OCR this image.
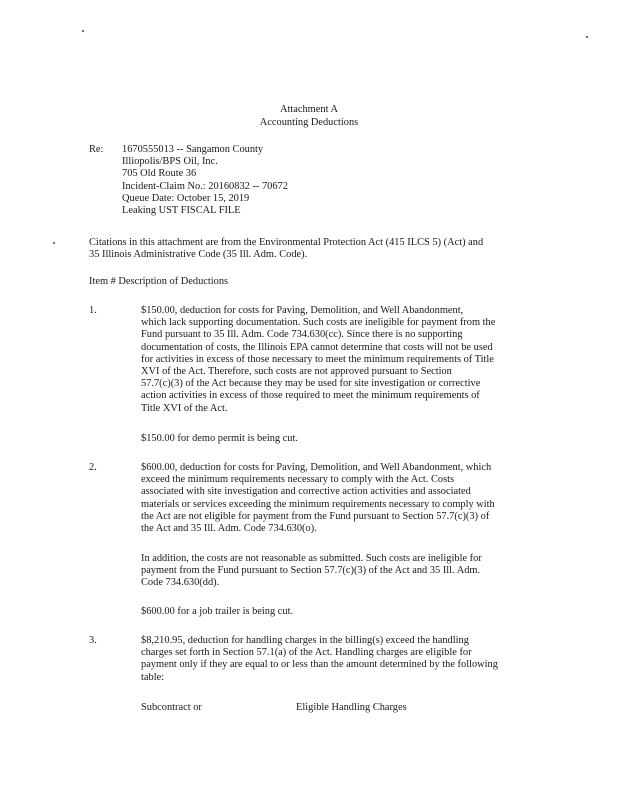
Attachment A
Accounting Deductions
Re: 1670555013 -- Sangamon County

Illiopolis/BPS Oil, Inc.

705 Old Route 36

Incident-Claim No.: 20160832 -- 70672

Queue Date: October 15, 2019

Leaking UST FISCAL FILE

Citations in this attachment are from the Environmental Protection Act (415 ILCS 5) (Act) and

35 Illinois Administrative Code (35 Ill. Adm. Code).

Item # Description of Deductions
1.	$150.00, deduction for costs for Paving, Demolition, and Well Abandonment,

which lack supporting documentation. Such costs are ineligible for payment from the

Fund pursuant to 35 Ill. Adm. Code 734.630(cc). Since there is no supporting

documentation of costs, the Illinois EPA cannot determine that costs will not be used

for activities in excess of those necessary to meet the minimum requirements of Title

XVI of the Act. Therefore, such costs are not approved pursuant to Section

57.7(c)(3) of the Act because they may be used for site investigation or corrective

action activities in excess of those required to meet the minimum requirements of

Title XVI of the Act.

$150.00 for demo permit is being cut.

2.	$600.00, deduction for costs for Paving, Demolition, and Well Abandonment, which

exceed the minimum requirements necessary to comply with the Act. Costs

associated with site investigation and corrective action activities and associated

materials or services exceeding the minimum requirements necessary to comply with

the Act are not eligible for payment from the Fund pursuant to Section 57.7(c)(3) of

the Act and 35 Ill. Adm. Code 734.630(o).

In addition, the costs are not reasonable as submitted. Such costs are ineligible for

payment from the Fund pursuant to Section 57.7(c)(3) of the Act and 35 Ill. Adm.

Code 734.630(dd).

$600.00 for a job trailer is being cut.

3.	$8,210.95, deduction for handling charges in the billing(s) exceed the handling

charges set forth in Section 57.1(a) of the Act. Handling charges are eligible for

payment only if they are equal to or less than the amount determined by the following

table:

Subcontract or	Eligible Handling Charges
